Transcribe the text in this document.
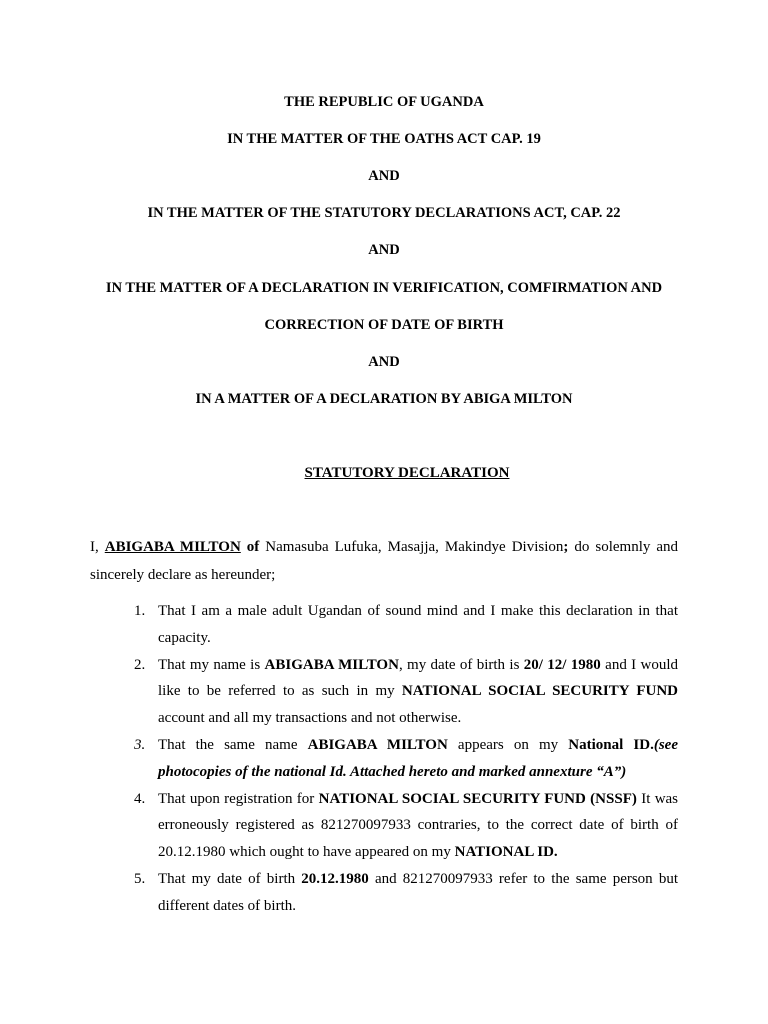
THE REPUBLIC OF UGANDA
IN THE MATTER OF THE OATHS ACT CAP. 19
AND
IN THE MATTER OF THE STATUTORY DECLARATIONS ACT, CAP. 22
AND
IN THE MATTER OF A DECLARATION IN VERIFICATION, COMFIRMATION AND
CORRECTION OF DATE OF BIRTH
AND
IN A MATTER OF A DECLARATION BY ABIGA MILTON
STATUTORY DECLARATION
I, ABIGABA MILTON of Namasuba Lufuka, Masajja, Makindye Division; do solemnly and sincerely declare as hereunder;
1. That I am a male adult Ugandan of sound mind and I make this declaration in that capacity.
2. That my name is ABIGABA MILTON, my date of birth is 20/ 12/ 1980 and I would like to be referred to as such in my NATIONAL SOCIAL SECURITY FUND account and all my transactions and not otherwise.
3. That the same name ABIGABA MILTON appears on my National ID.(see photocopies of the national Id. Attached hereto and marked annexture “A”)
4. That upon registration for NATIONAL SOCIAL SECURITY FUND (NSSF) It was erroneously registered as 821270097933 contraries, to the correct date of birth of 20.12.1980 which ought to have appeared on my NATIONAL ID.
5. That my date of birth 20.12.1980 and 821270097933 refer to the same person but different dates of birth.
